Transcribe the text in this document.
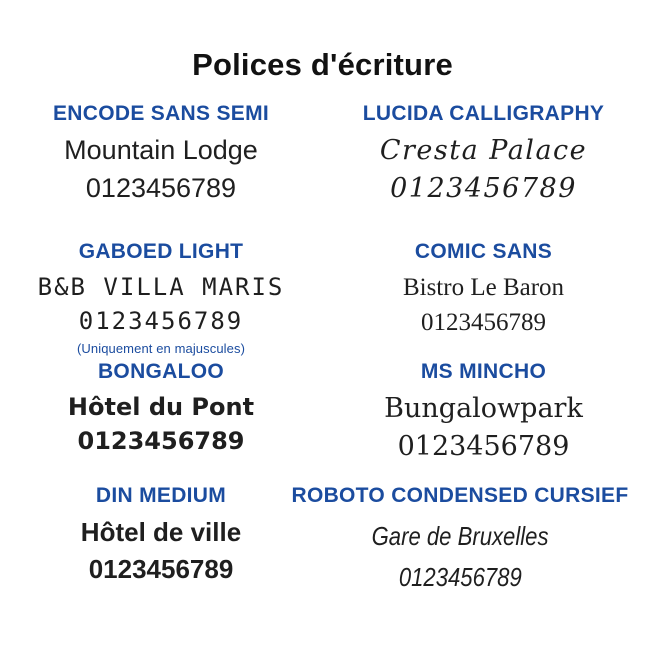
Polices d'écriture
ENCODE SANS SEMI
Mountain Lodge
0123456789
LUCIDA CALLIGRAPHY
Cresta Palace
0123456789
GABOED LIGHT
B&B VILLA MARIS
0123456789
(Uniquement en majuscules)
COMIC SANS
Bistro Le Baron
0123456789
BONGALOO
Hôtel du Pont
0123456789
MS MINCHO
Bungalowpark
0123456789
DIN MEDIUM
Hôtel de ville
0123456789
ROBOTO CONDENSED CURSIEF
Gare de Bruxelles
0123456789
